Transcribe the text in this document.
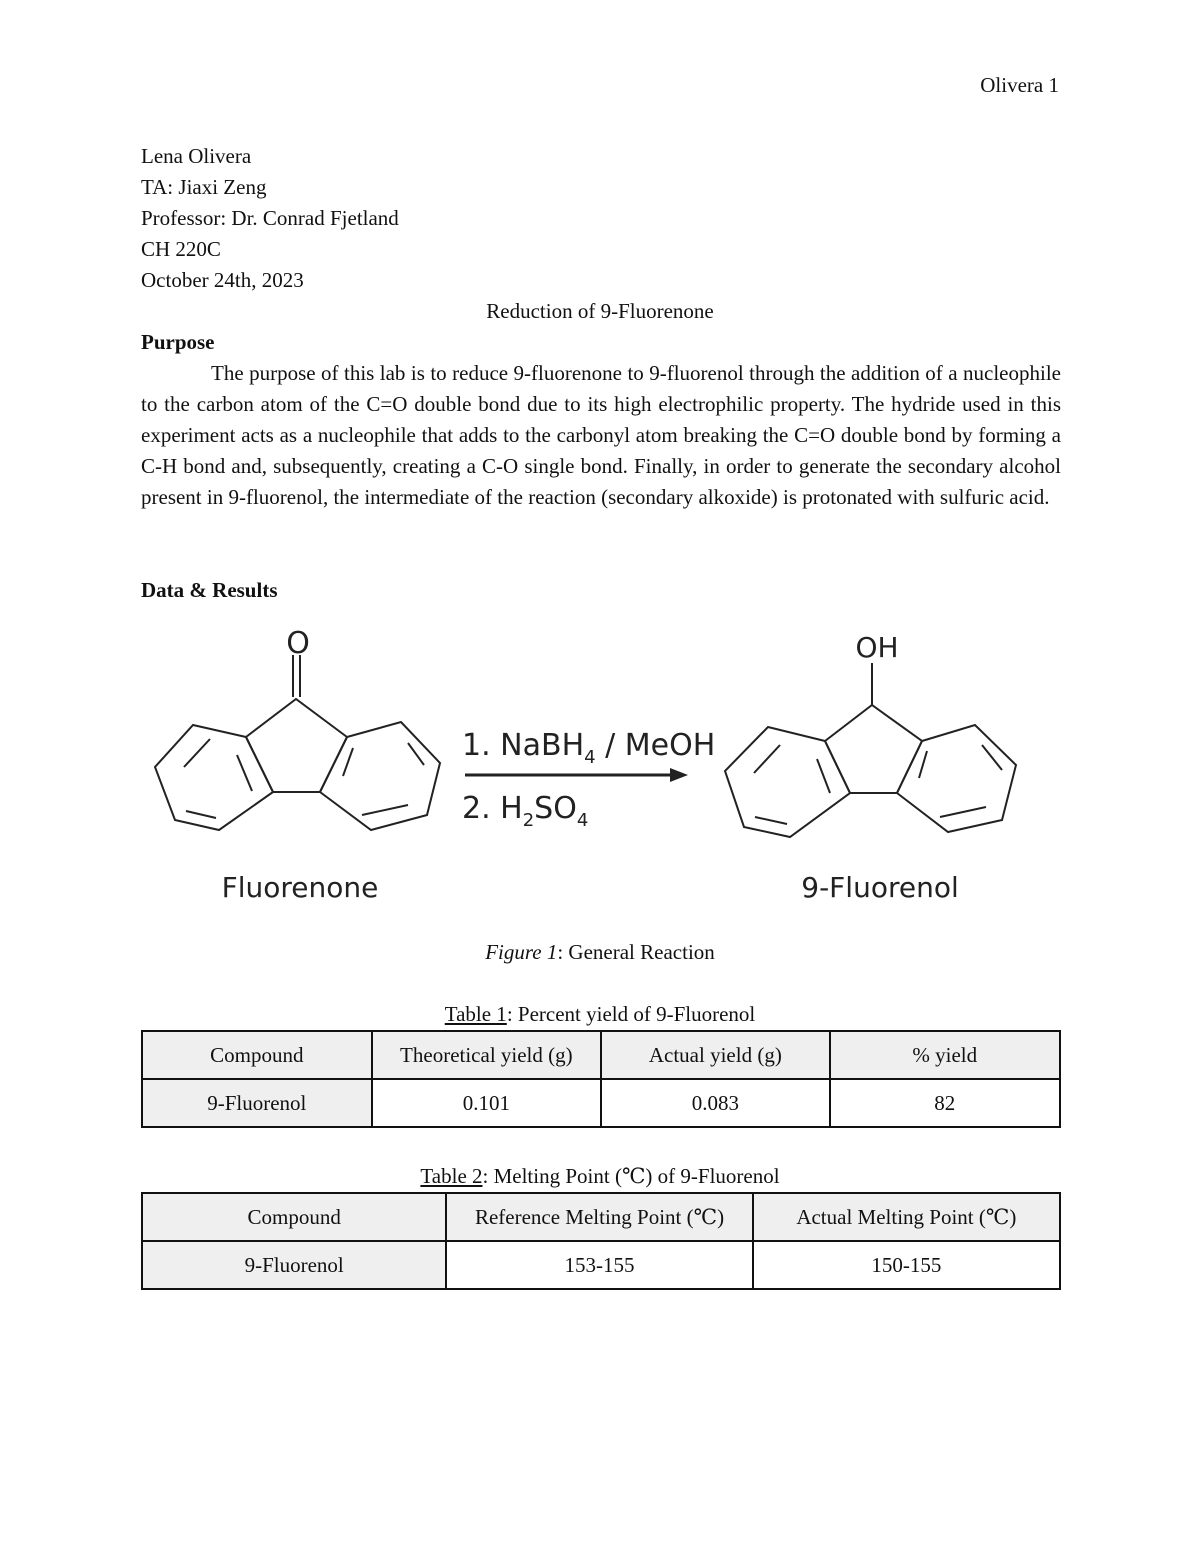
Olivera 1
Lena Olivera
TA: Jiaxi Zeng
Professor: Dr. Conrad Fjetland
CH 220C
October 24th, 2023
Reduction of 9-Fluorenone
Purpose
The purpose of this lab is to reduce 9-fluorenone to 9-fluorenol through the addition of a nucleophile to the carbon atom of the C=O double bond due to its high electrophilic property. The hydride used in this experiment acts as a nucleophile that adds to the carbonyl atom breaking the C=O double bond by forming a C-H bond and, subsequently, creating a C-O single bond. Finally, in order to generate the secondary alcohol present in 9-fluorenol, the intermediate of the reaction (secondary alkoxide) is protonated with sulfuric acid.
Data & Results
O
1. NaBH$_4$ / MeOH
2. $H_2SO_4$
OH
Fluorenone	9-Fluorenol
Figure 1: General Reaction
Table 1: Percent yield of 9-Fluorenol
Compound	Theoretical yield (g)	Actual yield (g)	% yield
9-Fluorenol	0.101	0.083	82
Table 2: Melting Point (℃) of 9-Fluorenol
Compound	Reference Melting Point (℃)	Actual Melting Point (℃)
9-Fluorenol	153-155	150-155
